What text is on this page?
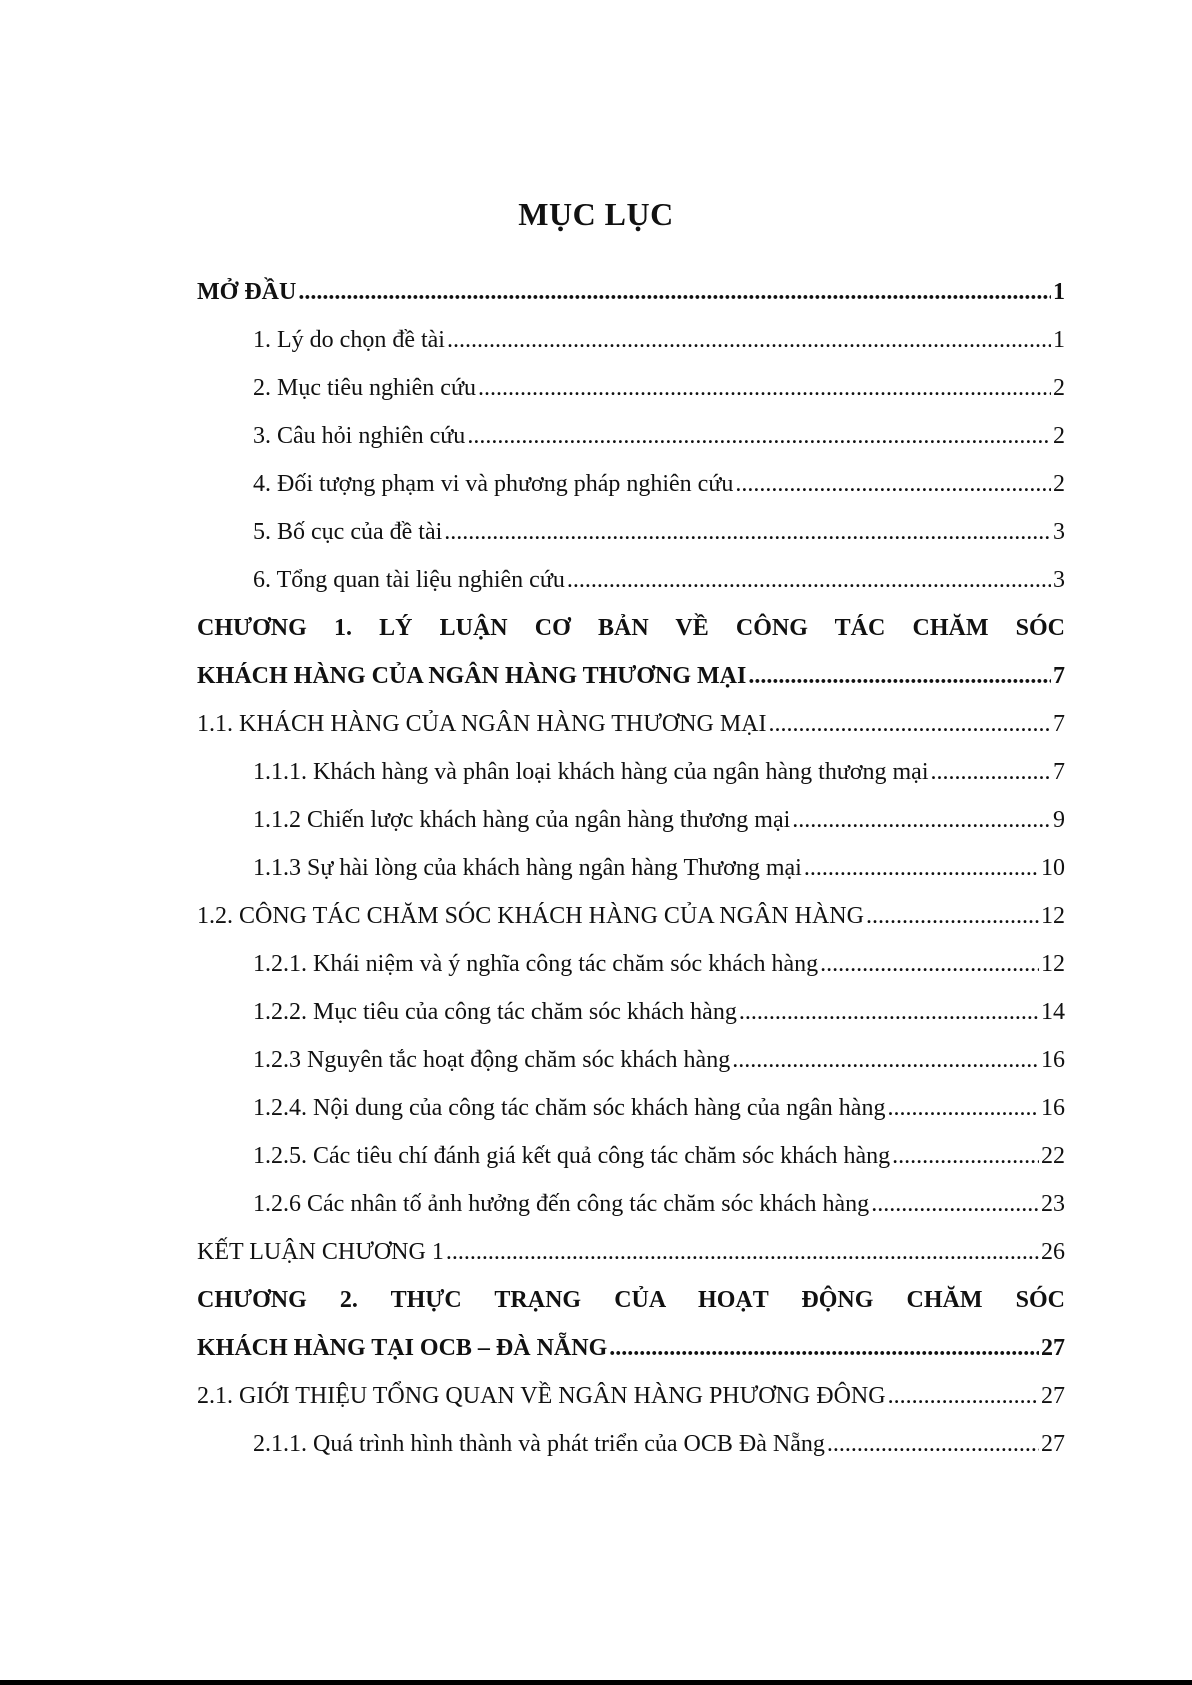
MỤC LỤC
MỞ ĐẦU .....	1
1. Lý do chọn đề tài .....	1
2. Mục tiêu nghiên cứu .....	2
3. Câu hỏi nghiên cứu .....	2
4. Đối tượng phạm vi và phương pháp nghiên cứu .....	2
5. Bố cục của đề tài .....	3
6. Tổng quan tài liệu nghiên cứu .....	3
CHƯƠNG 1. LÝ LUẬN CƠ BẢN VỀ CÔNG TÁC CHĂM SÓC
KHÁCH HÀNG CỦA NGÂN HÀNG THƯƠNG MẠI .....	7
1.1. KHÁCH HÀNG CỦA NGÂN HÀNG THƯƠNG MẠI .....	7
1.1.1. Khách hàng và phân loại khách hàng của ngân hàng thương mại .....	7
1.1.2 Chiến lược khách hàng của ngân hàng thương mại .....	9
1.1.3 Sự hài lòng của khách hàng ngân hàng Thương mại .....	10
1.2. CÔNG TÁC CHĂM SÓC KHÁCH HÀNG CỦA NGÂN HÀNG .....	12
1.2.1. Khái niệm và ý nghĩa công tác chăm sóc khách hàng .....	12
1.2.2. Mục tiêu của công tác chăm sóc khách hàng .....	14
1.2.3 Nguyên tắc hoạt động chăm sóc khách hàng .....	16
1.2.4. Nội dung của công tác chăm sóc khách hàng của ngân hàng .....	16
1.2.5. Các tiêu chí đánh giá kết quả công tác chăm sóc khách hàng .....	22
1.2.6 Các nhân tố ảnh hưởng đến công tác chăm sóc khách hàng .....	23
KẾT LUẬN CHƯƠNG 1 .....	26
CHƯƠNG 2. THỰC TRẠNG CỦA HOẠT ĐỘNG CHĂM SÓC
KHÁCH HÀNG TẠI OCB – ĐÀ NẴNG .....	27
2.1. GIỚI THIỆU TỔNG QUAN VỀ NGÂN HÀNG PHƯƠNG ĐÔNG .....	27
2.1.1. Quá trình hình thành và phát triển của OCB Đà Nẵng .....	27
